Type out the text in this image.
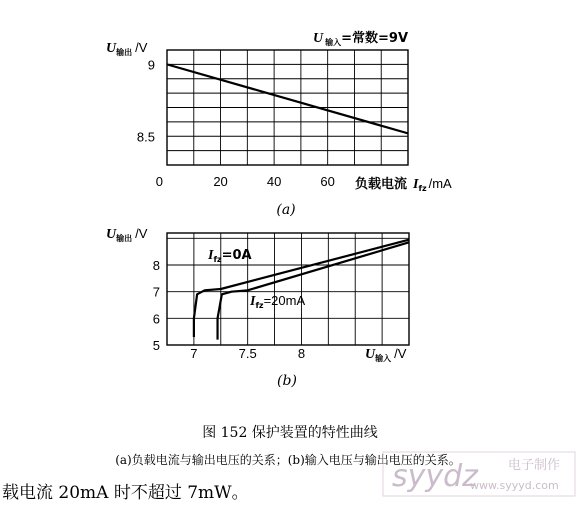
20	40	60
9
8.5
U输出 /V
U输入=常数=9V
0	负载电流 Ifz /mA
(a)
7	7.5	8
5
6
7
8
U输出 /V
U输入 /V
Ifz=0A
Ifz=20mA
(b)
图 152 保护装置的特性曲线
(a)负载电流与输出电压的关系；(b)输入电压与输出电压的关系。
载电流 20mA 时不超过 7mW。	syydz 电子制作
www.syyyd.com
